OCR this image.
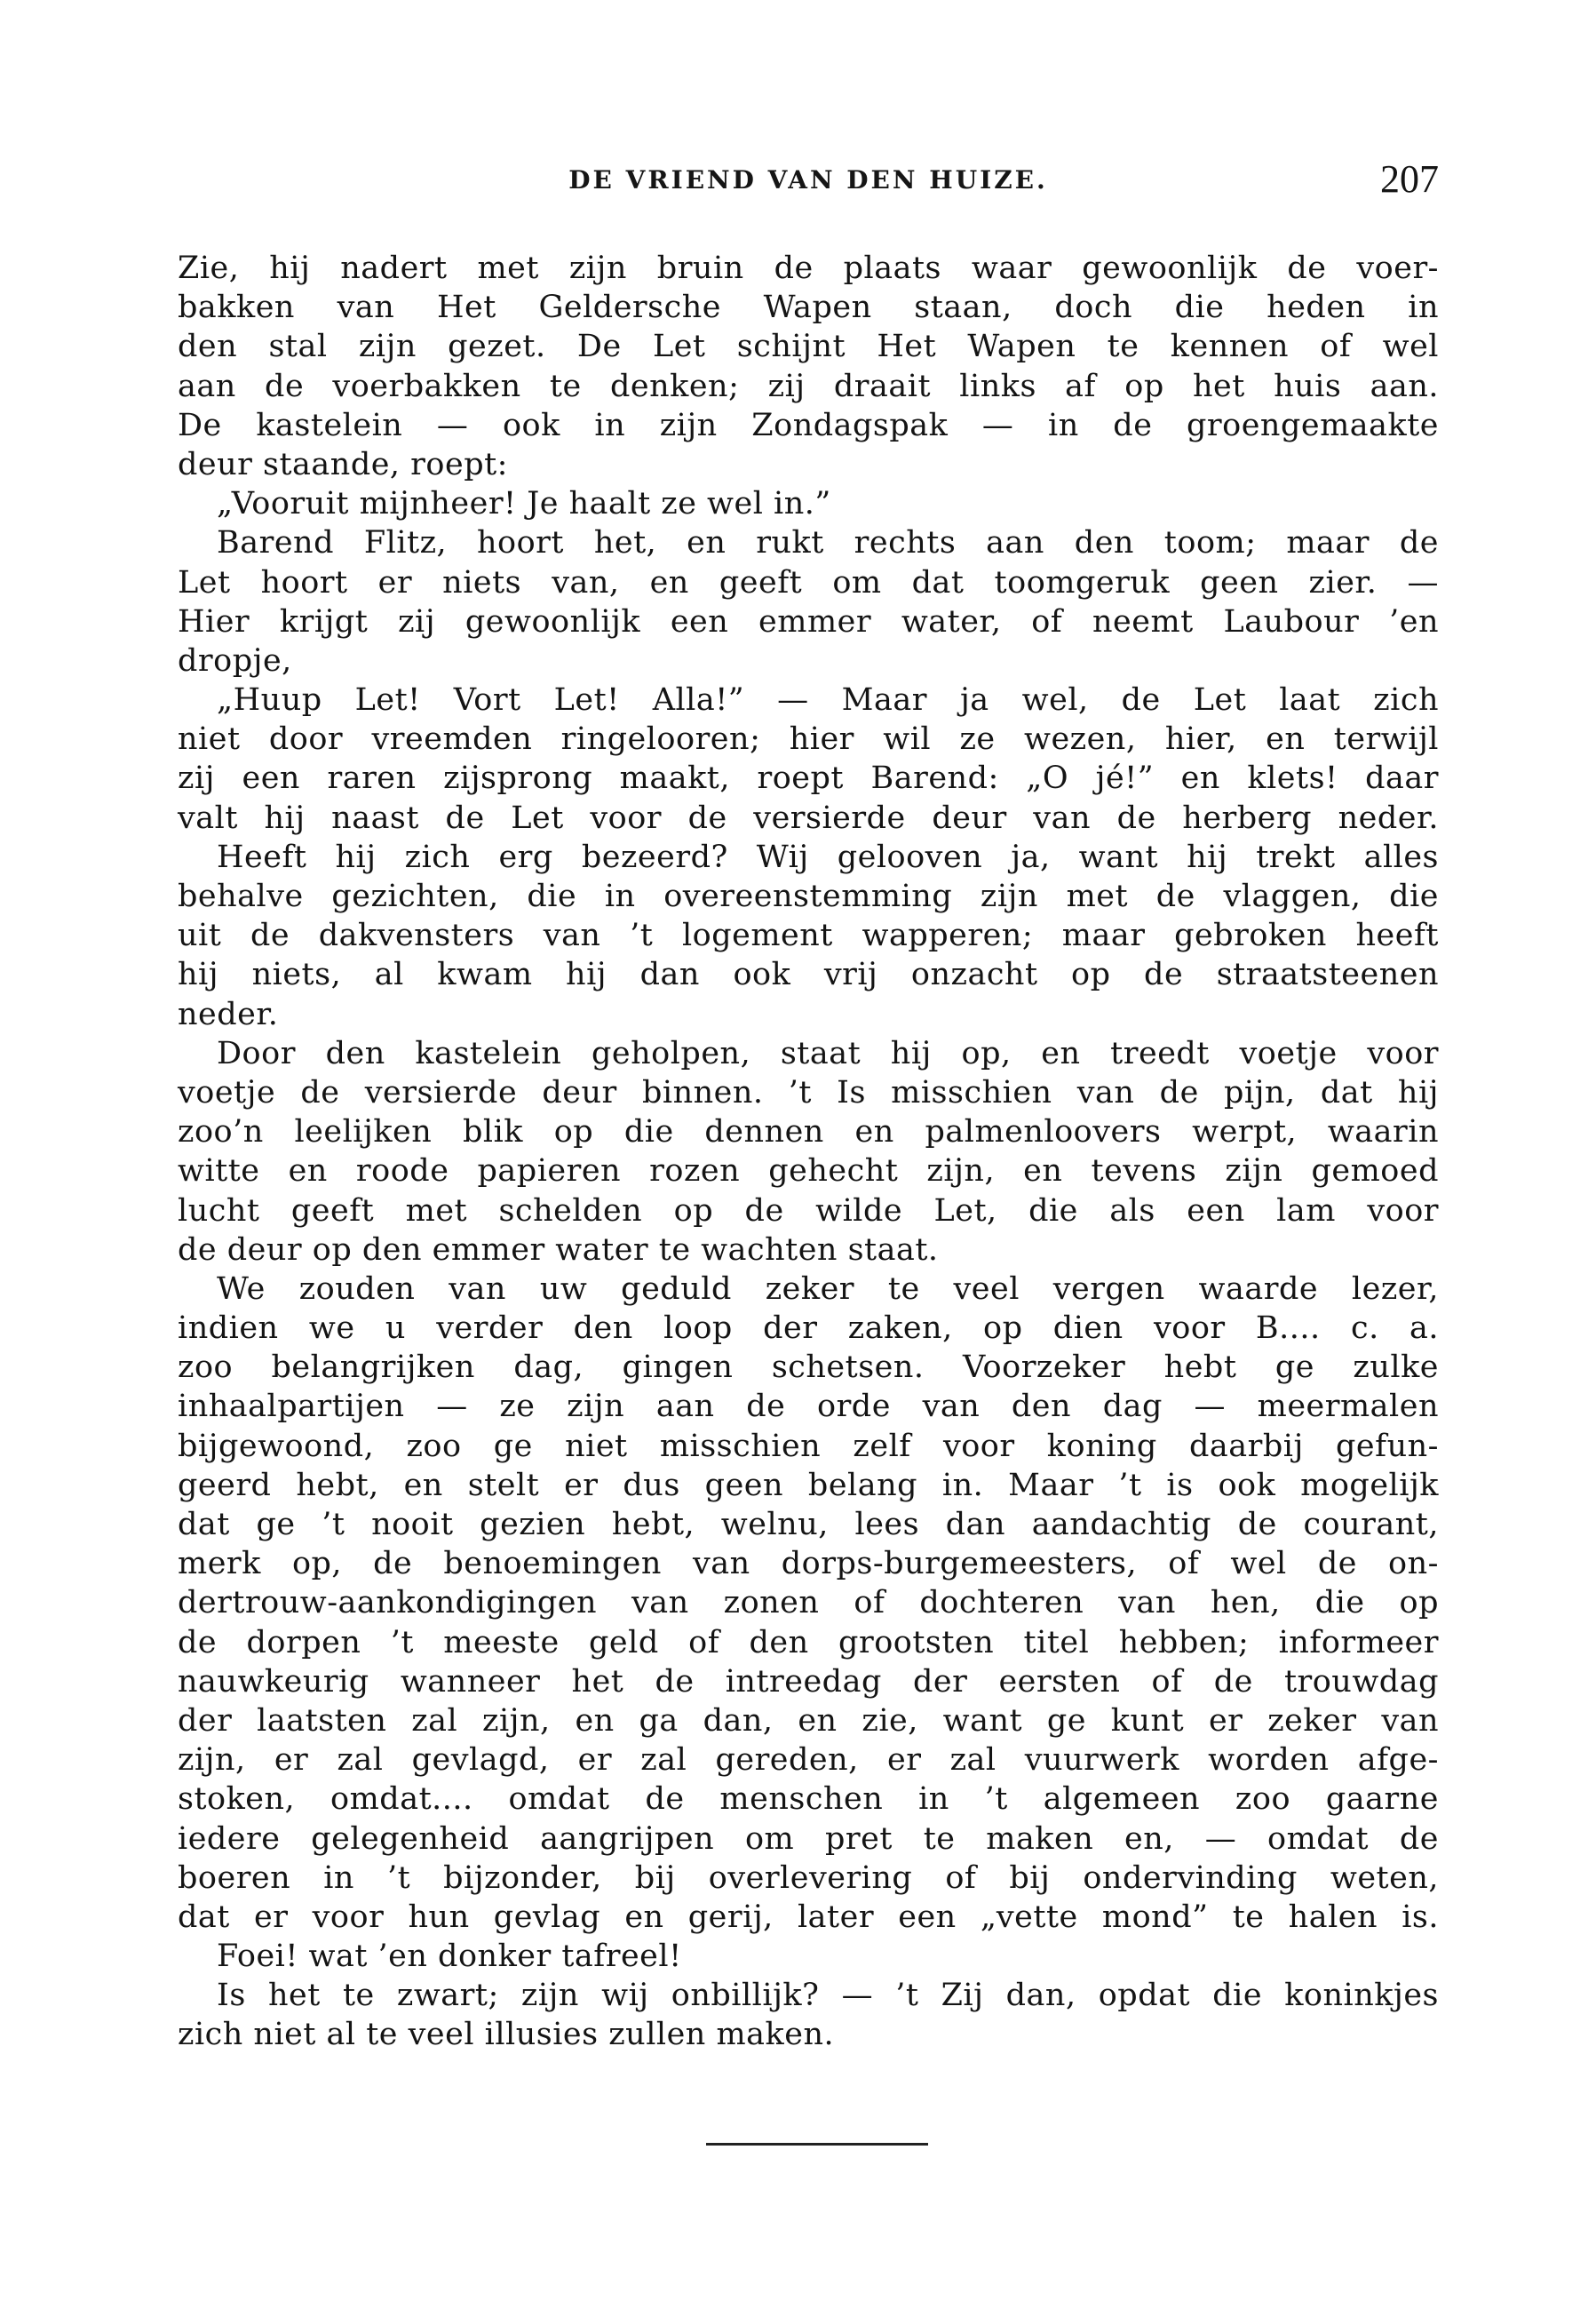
DE VRIEND VAN DEN HUIZE.	207
Zie, hij nadert met zijn bruin de plaats waar gewoonlijk de voer-
bakken van Het Geldersche Wapen staan, doch die heden in
den stal zijn gezet. De Let schijnt Het Wapen te kennen of wel
aan de voerbakken te denken; zij draait links af op het huis aan.
De kastelein — ook in zijn Zondagspak — in de groengemaakte
deur staande, roept:
„Vooruit mijnheer! Je haalt ze wel in.”
Barend Flitz, hoort het, en rukt rechts aan den toom; maar de
Let hoort er niets van, en geeft om dat toomgeruk geen zier. —
Hier krijgt zij gewoonlijk een emmer water, of neemt Laubour ’en
dropje,
„Huup Let! Vort Let! Alla!” — Maar ja wel, de Let laat zich
niet door vreemden ringelooren; hier wil ze wezen, hier, en terwijl
zij een raren zijsprong maakt, roept Barend: „O jé!” en klets! daar
valt hij naast de Let voor de versierde deur van de herberg neder.
Heeft hij zich erg bezeerd? Wij gelooven ja, want hij trekt alles
behalve gezichten, die in overeenstemming zijn met de vlaggen, die
uit de dakvensters van ’t logement wapperen; maar gebroken heeft
hij niets, al kwam hij dan ook vrij onzacht op de straatsteenen
neder.
Door den kastelein geholpen, staat hij op, en treedt voetje voor
voetje de versierde deur binnen. ’t Is misschien van de pijn, dat hij
zoo’n leelijken blik op die dennen en palmenloovers werpt, waarin
witte en roode papieren rozen gehecht zijn, en tevens zijn gemoed
lucht geeft met schelden op de wilde Let, die als een lam voor
de deur op den emmer water te wachten staat.
We zouden van uw geduld zeker te veel vergen waarde lezer,
indien we u verder den loop der zaken, op dien voor B.... c. a.
zoo belangrijken dag, gingen schetsen. Voorzeker hebt ge zulke
inhaalpartijen — ze zijn aan de orde van den dag — meermalen
bijgewoond, zoo ge niet misschien zelf voor koning daarbij gefun-
geerd hebt, en stelt er dus geen belang in. Maar ’t is ook mogelijk
dat ge ’t nooit gezien hebt, welnu, lees dan aandachtig de courant,
merk op, de benoemingen van dorps-burgemeesters, of wel de on-
dertrouw-aankondigingen van zonen of dochteren van hen, die op
de dorpen ’t meeste geld of den grootsten titel hebben; informeer
nauwkeurig wanneer het de intreedag der eersten of de trouwdag
der laatsten zal zijn, en ga dan, en zie, want ge kunt er zeker van
zijn, er zal gevlagd, er zal gereden, er zal vuurwerk worden afge-
stoken, omdat.... omdat de menschen in ’t algemeen zoo gaarne
iedere gelegenheid aangrijpen om pret te maken en, — omdat de
boeren in ’t bijzonder, bij overlevering of bij ondervinding weten,
dat er voor hun gevlag en gerij, later een „vette mond” te halen is.
Foei! wat ’en donker tafreel!
Is het te zwart; zijn wij onbillijk? — ’t Zij dan, opdat die koninkjes
zich niet al te veel illusies zullen maken.
